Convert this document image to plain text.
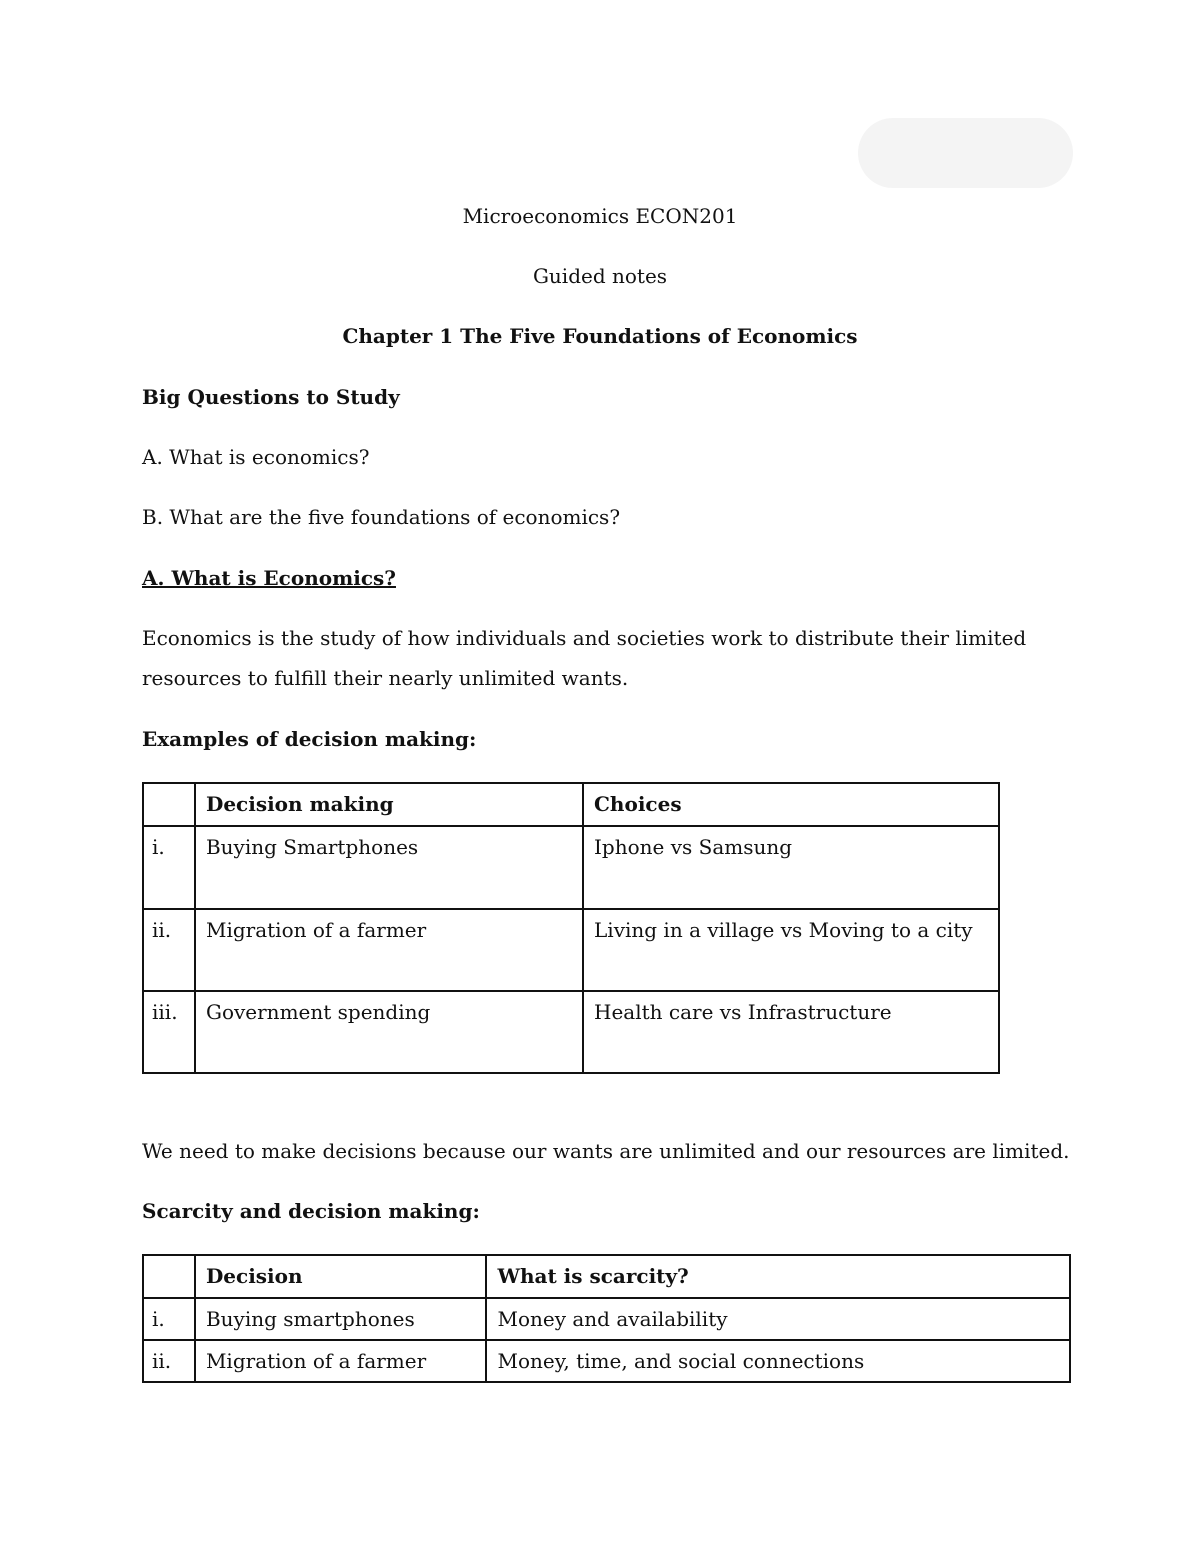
Microeconomics ECON201
Guided notes
Chapter 1 The Five Foundations of Economics
Big Questions to Study
A. What is economics?
B. What are the five foundations of economics?
A. What is Economics?
Economics is the study of how individuals and societies work to distribute their limited resources to fulfill their nearly unlimited wants.
Examples of decision making:
	Decision making	Choices
i.	Buying Smartphones	Iphone vs Samsung
ii.	Migration of a farmer	Living in a village vs Moving to a city
iii.	Government spending	Health care vs Infrastructure
We need to make decisions because our wants are unlimited and our resources are limited.
Scarcity and decision making:
	Decision	What is scarcity?
i.	Buying smartphones	Money and availability
ii.	Migration of a farmer	Money, time, and social connections
